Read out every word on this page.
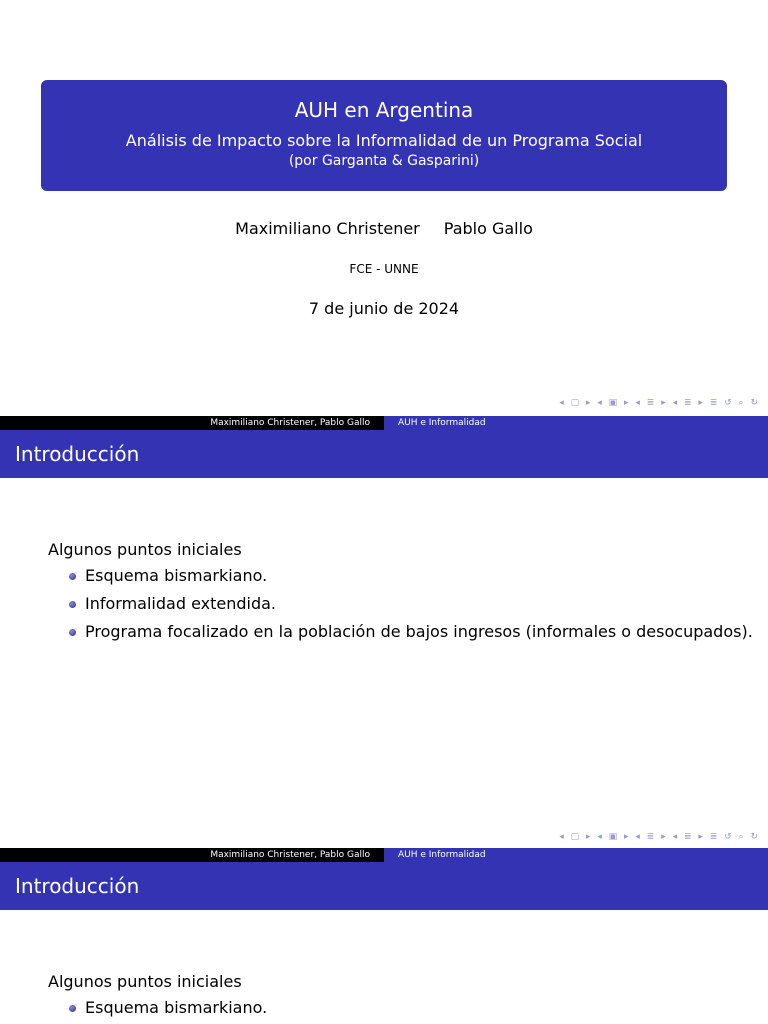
AUH en Argentina
Análisis de Impacto sobre la Informalidad de un Programa Social
(por Garganta & Gasparini)
Maximiliano Christener Pablo Gallo
FCE - UNNE
7 de junio de 2024
◂ ▢ ▸ ◂ ▣ ▸ ◂ ≣ ▸ ◂ ≣ ▸ ≣ ↺ ⌕ ↻
Maximiliano Christener, Pablo Gallo	AUH e Informalidad
Introducción

Algunos puntos iniciales

Esquema bismarkiano.
Informalidad extendida.
Programa focalizado en la población de bajos ingresos (informales o desocupados).
◂ ▢ ▸ ◂ ▣ ▸ ◂ ≣ ▸ ◂ ≣ ▸ ≣ ↺ ⌕ ↻
Maximiliano Christener, Pablo Gallo	AUH e Informalidad
Introducción

Algunos puntos iniciales

Esquema bismarkiano.
